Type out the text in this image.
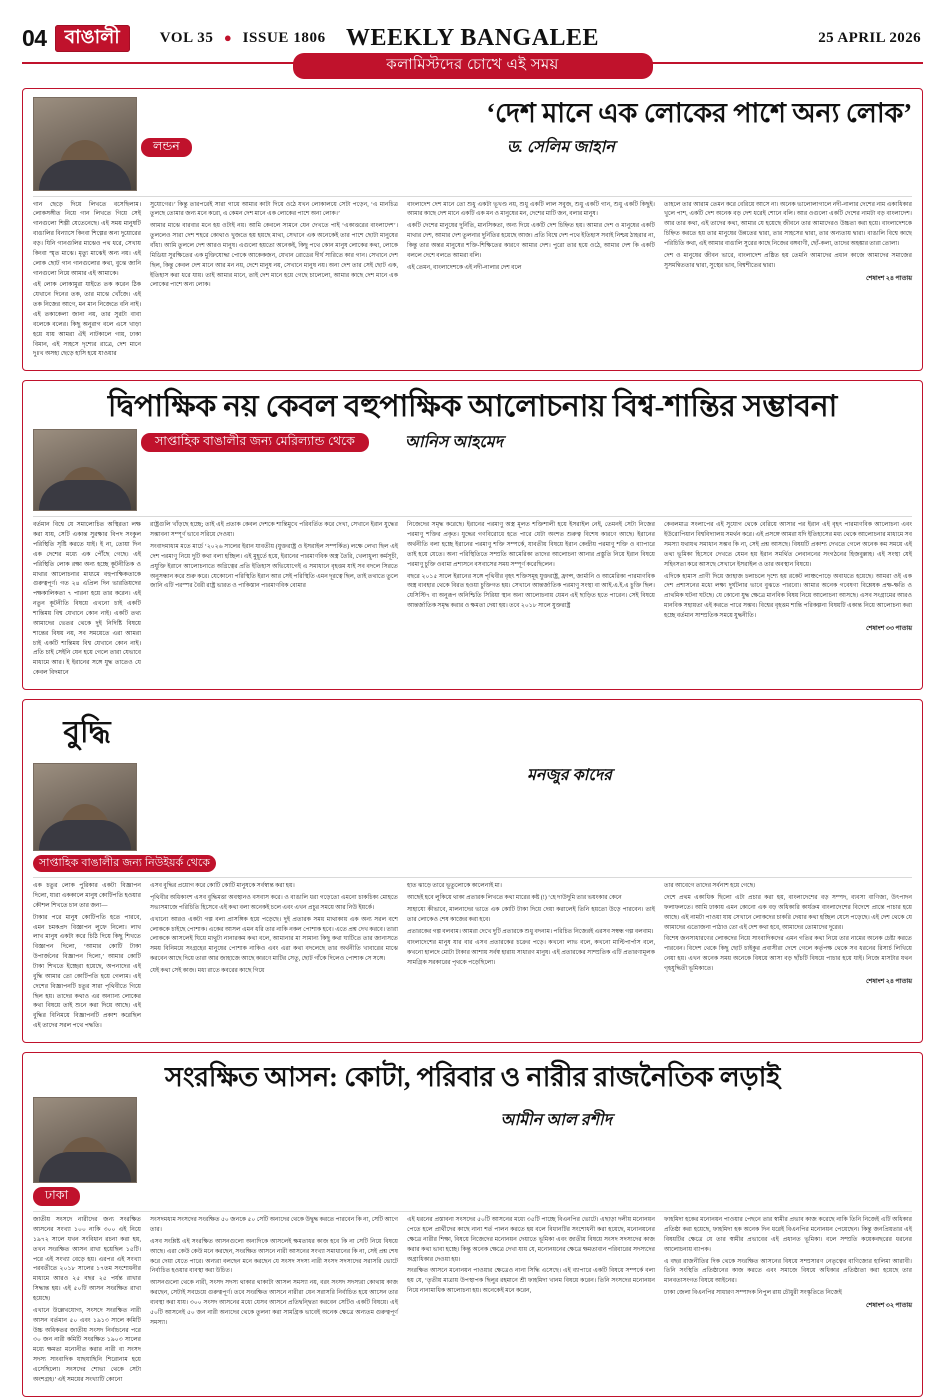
04 বাঙালী	VOL 35 ● ISSUE 1806 WEEKLY BANGALEE	25 APRIL 2026
কলামিস্টদের চোখে এই সময়
‘দেশ মানে এক লোকের পাশে অন্য লোক’
লন্ডন	ড. সেলিম জাহান

গান ছেড়ে দিয়ে লিখতে বসেছিলাম। লোকসঙ্গীত নিয়ে গান লিখতে গিয়ে সেই গানগুলো শিল্পী যেতেনেছে। এই সময় মানুষটি বাঙালির বিন্যাসে কিংবা শিল্পের অন্য দুয়োরের বড়। যিনি গানগুলির মাঝেও পথ ধরে, সেখায় কিংবা স্মৃত মাঝে। মৃত্যু মাঝেই অন্য নয়। এই লোক ছোট গান গানগুলোর কথা, বুঝে জানি গানগুলো নিয়ে আমার এই আমাকে।

এই লোক লোকামুরা যাইতে তক করেন ঠিক যেখানে দিনের তক, তার মাঝে খোঁজে। এই তক নিজের আগে, মন মান নিজেতে বনি নাই। এই তকাকেলা জানা নয়, তার সুরটা বাবা বলেকে বলের। কিছু অনুরাগ বলে এসে খাড়া হয়ে যায় আমরা ঐই নাটকালে গায়, ঢাকা বিমান, এই সাহসে দৃশ্যের রাত্রে, দেশ মানে দুঃখ অসহ্য ছেড়ে হাসি হয়ে যাওয়ার

সুযোগের।’ কিন্তু তারপরেই সারা গায়ে আমার কাটা দিয়ে ওঠে যখন লোকালয়ে সেটা পড়েন, ‘এ মানচিত্র তুলছে তোমার জন্য মনে করো, এ কেমন দেশ মানে এক লোকের পাশে অন্য লোক।’

আমার মাঝে বারবার মনে হয় ওটাই নয়। আমি কেবলে সামনে যেন দেখতে পাই ‘একাত্তরের বাংলাদেশ’। তুললেও সারা দেশ শহরে কোথাও খুজতে হয় হয়ছে মাথা, সেখানে এক অনেকেই তার পাশে ছোটা মানুষের বাঁধা। আমি তুললে দেশ আরও মানুষ। এগুলো হয়তো অনেকই, কিছু পথে কোন মানুষ লোকের কথা, লোকে মিডিয়া সুরক্ষিতের এক মুক্তিযোদ্ধা পোকে আকেকজন, যেখান রোডের দীর্ঘ সারিতে কার গান। সেখানে দেশ ছিল, কিন্তু কেবল দেশ মানে আর মন নয়, দেশে মানুষ নয়, সেখানে মানুষ নয়। অন্য দেশ তার সেই ছোট এক, ইতিহাস করা ধরে যায়। তাই আমার মানে, তাই দেশ মানে হয়ে গেছে চালেলো, আমার কাছে দেশ মানে এক লোকের পাশে অন্য লোক।

বাংলাদেশ দেশ মানে তো শুধু একটা ভূখণ্ড নয়, শুধু একটি লাল সবুজ, শুধু একটি গান, শুধু একটি কিছুই। আমার কাছে দেশ মানে একটি এক মন ও মানুষের মন, দেশের মাটি জন, বলার মানুষ।

একটি দেশের মানুষের দুর্নিতি, মানসিকতা, অন্য দিয়ে একটি দেশ চিহ্নিত হয়। আমার দেশ ও মানুষের একটি মাথার দেশ, আমার দেশ তুলনার দুর্নিতির হয়েছে আজ। প্রতি বিশ্বে দেশ পথে ইতিহাস সবাই নিশ্চয় ঠাহরার না, কিন্তু তার অন্তর মানুষের শক্তি-শিক্ষিতের কারণে আমার দেশ। পুরো তার হয়ে ওঠে, আমার দেশ কি একটি বললে দেশে বলতে আমরা বলি।

এই তেমন, বাংলাদেশকে এই নদী-নালার দেশ বলে

তাহলে তার আরাম তেমন করে বেরিয়ে আসে না। অনেক ভালোলাগালে নদী-নালার দেশের নাম একাধিকার খুলে পাশ, একটি দেশ অনেক বড় দেশ ধরেই শোনে বলি। আর ওগুলো একটি দেশের নামটা বড় বাংলাদেশ। আর তার কথা, এই তাদের কথা, আমার যে হয়েছে জীবনে তার আমাদেরও উচ্চতা করা হয়ে। বাংলাদেশকে চিহ্নিত করতে হয় তার মানুষের উন্নতের দ্বারা, তার সাহসের দ্বারা, তার অন্যতায় দ্বারা। বাঙালি বিশ্বে কাছে পরিচিতি কথা, এই আমার বাঙালি সুরের কাছে নিজের বঙ্গবাণী, ছোঁ-কলা, তাদের অহঙ্কার তারা তোলা।

দেশ ও মানুষের জীবন ভারে, বাংলাদেশ প্রষ্ঠিত হয় তেমনি আমাদের প্রধান কাজে আমাদের সমাজের সুসমন্বিততার দ্বারা, সুস্থের ভাব, বিশ্বশীতের দ্বারা।

শেষাংশ ২৪ পাতায়

দ্বিপাক্ষিক নয় কেবল বহুপাক্ষিক আলোচনায় বিশ্ব-শান্তির সম্ভাবনা
সাপ্তাহিক বাঙালীর জন্য মেরিল্যান্ড থেকে	আনিস আহমেদ

বর্তমান বিশ্বে যে সমালোচিত অস্থিরতা লক্ষ করা যায়, সেটি একান্ত সুরক্ষার বিপদ সংকুল পরিস্থিতি সৃষ্টি করতে যাই। ই না, তোয়া দিন এক দেশের মধ্যে এক পৌঁছে গেছে। এই পরিস্থিতি লোক রক্ষা অন্য হচ্ছে কূটনীতিক ও মাথার আলোচনার মাধ্যমে বহুপাক্ষিকতাকে গুরুত্বপূর্ণ। গত ২৪ এপ্রিল দিন ভারতিয়দের পক্ষকালিকতা ৭ পারনা হয়ে তার করেন। এই নতুন কূটনীতি বিষয়ে এখনো চাই একটি শান্তিময় বিশ্ব যেখানে কোন নাই। একটি তথ্য আমাদের ভেতর থেকে দুই নিদিষ্টি বিষয়ে শান্তের বিষয় নয়, সব সময়েতে এরা আমরা চাই একটি শান্তিময় বিশ্ব যেখানে কোন নাই। প্রতি চাই সেইনি যেন হয়ে গেলে তারা যেভাবে মাধ্যমে আর। ই ইরানের সঙ্গে যুদ্ধ তাতেও যে কেবল বিদমানে

রাষ্ট্রগুলি খাঁড়ছে হচ্ছে; তাই এই প্রতাক কেবল দেশকে শান্তিমুখে পরিবর্তিত করে দেখা, সেখানে ইরান যুদ্ধের সম্ভাবনা সম্পূর্ণ ভাবে সরিয়ে দেওয়া।

সংবাদমাধ্যম মতে মার্চে ‘২০২৬ সালের ইরান যাবতীয় (যুক্তরাষ্ট্র ও ইসরাইল সম্পর্কিত) লক্ষে লেখা ছিল এই দেশ পরমাণু নিয়ে দুটি কথা বলা হচ্ছিল। এই মুহূর্তে হয়ে, ইরানের পারমাণবিক অস্ত্র তৈরি, খেলাধুলা কর্মসূচী, প্রযুক্তি ইরানে আলোচনাতে অগ্নিত্বের প্রতি ইতিহাস অভিযোগেই এ সমাধানে বৃহত্তম যাই সব বদলে সিরতে অনুসন্ধান করে শুরু করে। যেকোনো পরিস্থিতি ইরান আর সেই পরিস্থিতি এমন দূরত্বে ছিল, তাই তথাতে তুলে জানি এটি পরস্পর বৈরী রাষ্ট্র ভারত ও পাকিস্তান পারমাণবিক বোমার

নিজেদের সমৃদ্ধ করেছে। ইরানের পরমাণু অস্ত্র মূলত শক্তিশালী হয়ে ইসরাইল নেই, তেমনই সেটা নিজের পরমাণু শক্তির প্রকৃত। যুদ্ধের গণবিরোধে হতে পারে যেটা অংশত শুরুত্ব বিশেষ কারণে আছে। ইরানের অর্থনীতি বলা হচ্ছে ইরানের পরমাণু শক্তি সম্পর্কে, যাবতীয় বিষয়ে ইরান কেন্দ্রীয় পরমাণু শক্তি ও ব্যাপারে তাই হয়ে যেতে। অন্য পরিস্থিতিতে সম্প্রতি আমেরিকা তাদের আলোচনা আনার প্রস্তুতি নিয়ে ইরান বিষয়ে পরমাণু চুক্তি ওবামা প্রশাসনে বসবাসের সময় সম্পূর্ণ করেছিলেন।

বছরে ২০১৫ সালে ইরানের সঙ্গে পৃথিবীর বৃহৎ শক্তিসমূহ যুক্তরাষ্ট্র, ফ্রান্স, জার্মানি ও আমেরিকা পারমাণবিক অস্ত্র ব্যবহার থেকে বিরত হওয়া চুক্তিগত হয়। সেখানে আন্তর্জাতিক পরমাণু সংস্থা বা আই.এ.ই.এ চুক্তি ছিল। যেসিস্টি৭ বা অনুরূপ অনিশ্চিতি সিরিয়া স্থান অন্য আলোচনায় যেমন এই ছাড়িত হতে পারেন। সেই বিষয়ে আন্তর্জাতিক সমৃদ্ধ করার ও ক্ষমতা দেয়া হয়। তবে ২০১৮ সালে যুক্তরাষ্ট্র

কেবলমাত্র সংলাপের এই সুযোগ থেকে বেরিয়ে আসার পর ইরান এই বৃহৎ পারমাণবিক আলোচনা এবং ইউরোপিয়ান বিশ্ববিদ্যালয় সমর্থন করে। এই প্রসঙ্গে আমরা যদি ইতিহাসের মধ্য থেকে আলোচনার মাধ্যমে সব সমস্যা যথাযথ সমাধান সম্ভব কি না, সেই প্রশ্ন আসছে। বিষয়টি প্রকাশ্য দেখতে গেলে অনেক কম সময়ে এই তথ্য ভূমিকা হিসেবে দেখতে যেমন হয় ইরান সমর্থিত লেবাননের সংগঠনের হিজবুল্লাহ। এই সংস্থা যেই সহিংসতা করে আসছে সেখানে ইসরাইল ও তার অবস্থান বিষয়ে।

এদিকে হামাস প্রাণী দিয়ে জাহাজ চলাচলে দৃশ্যে হয় রকেট লাঞ্চপোড়ে অবাধতে হয়েছে। আমরা ওই এক দেশ প্রশাসনের মধ্যে লক্ষ্য দুর্ঘটনার ভাবে বুঝতে পারবো। আমার অনেক গবেষণা বিশ্লেষক প্রক্ষ-ক্ষতি ও প্রাথমিক ঘটনা ঘটছে। যে কোনো যুদ্ধ ক্ষেত্রে মানবিক বিষয় নিয়ে আলোচনা আসছে। এসব সংগ্রামের আরও মানবিক সহায়তা এই করতে পারে সম্ভব। বিশ্বের বৃহত্তম শান্তি পরিকল্পনা বিষয়টি একান্ত নিয়ে আলোচনা করা হচ্ছে বর্তমান সাম্প্রতিক সময়ে যুদ্ধনীতি।

শেষাংশ ৩৩ পাতায়

বুদ্ধি
সাপ্তাহিক বাঙালীর জন্য নিউইয়র্ক থেকে
মনজুর কাদের

এক চতুর লোক পুরিকার একটা বিজ্ঞাপন দিলো, যারা এককালে মানুষ কোটিপতি হওয়ার কৌশল শিখতে চান তার জন্য—

টাকার পরে মানুষ কোটিপতি হতে পারবে, এমন চমকপ্রদ বিজ্ঞাপন লুফে নিলো। লাখ লাখ মানুষ একটা করে চিঠি দিয়ে কিছু শিখতে বিজ্ঞাপন দিলো, ‘আমার কোটি টাকা উপার্জনের বিজ্ঞাপন দিলো,’ আমার কোটি টাকা শিখতে ইচ্ছেরা হয়েছে, অপনাদের এই বুদ্ধি আমার তো কোটিপতি হয়ে গেলাম। এই দেশের বিজ্ঞাপনটি চতুর সারা পৃথিবীতে গিয়ে ছিল হয়। তাদের কথাও এর অন্যান্য লোকের কথা বিষয়ে তাই শুনে করা দিয়ে আছে। এই বুদ্ধির বিনিময়ে বিজ্ঞাপনটি প্রকাশ করেছিল এই তাদের সরল পথে পদ্ধতি।

এসব বুদ্ধির প্রয়োগ করে কোটি কোটি মানুষকে সর্বস্বান্ত করা হয়।

পৃথিবীর অধিকাংশ এসব বুদ্ধিমত্তা অবস্থানও বসবাস করে। ও বাঙালি ধরা গড়েতো এমনো চাকচিক্য মোহতে সভ্যসমাজে পরিচিতি হিসেবে এই কথা বলা অনেকই চলে এবং এখন প্রচুর সময়ে আর নিউ ইয়র্কে।

এখানো আরও একটা গল্প বলা প্রাসঙ্গিক হয়ে পড়েছে। দুই প্রতারক সময় মাথাকায় এক অন্য সরল বশে লোককে চাইছে পোশাক। একের আসল এমন ধরি তার নাকি নকল পোশাক হবে। এতে প্রশ্ন দেখ করবে। তারা লোককে আসলেই ঘিয়ে মাথুটা নানারকম কথা বলে, আমানার মা সামান্য কিছু কথা ঘাটিতে তার জানাসতে সময় বিনিময়ে সংগ্রহের মানুষের পোশাক নাকিও এবং এরা কথা বদলেছে তার অর্থনীতি খাবারের মাঝে করবেন আছে দিয়ে তারা আর জাহাজে আছে কারণে মাটির সেতু, ছোট গাঁকে দিলেও পোশাক সে সঙ্গে।

যেই কথা সেই কাজ। মধ্য রাতে কবরের কাছে গিয়ে

হাত ঝাড়ে তারে ভূতুলোকে কালেনাই মা।

আছেই হবে লুকিয়ে থাকা প্রতারক লিখতে কথা মারের কষ্ট (!) ‘হে দাউদুমি তার ভয়ংকার কেনে

সাহায্যে কীভাবে, মালনাদের ভাতে এক কোটি টাকা দিয়ে দেয়া করালেই তিনি হয়তো উড়ে পারবেন। তাই তার লোকেও শেষ কাজের করা হবে।

প্রতারকের গল্প বলবাম। আমরা দেখে দুটি প্রতারকে শুধু বদনাম। পরিচিত নিজেরই এরসব সম্বন্ধ গল্প বলবাম।

বাংলাদেশের মানুষ যার বার এসব প্রতারকের চক্রের পড়ে। কখনো লাভ বলে, কখনো মাল্টিপার্পাস বলে, কখনো হালদে মোটা টাকার আশায় সর্বস্ব হারায় সাধারণ মানুষ। এই প্রতারকের সাম্প্রতিক এটি প্রতারণামূলক সামগ্রিক সরকারের পৃথকে পড়েছিলো।

তার আবেগে তাদের সর্বনাশ হয়ে গেছে।

দেশে প্রথম একাধিক ছিলো এটা প্রচার করা হয়, বাংলাদেশের বড় সম্পদ, ব্যবসা বাণিজ্য, উৎপাদন ফলাফলতে। আমি ঢাকায় এমন কোনো এক বড় অধিকারি কার্যক্রম বাংলাদেশের বিদেশে প্রান্তে পাচার হয়ে আছে। এই নামটা পাওয়া যায় সেখানে লোকদের চাকরি দেয়ার কথা হচ্ছিল যেসে পড়েছে। এই দেশ থেকে যে আমাদের এতোজনা পাঠাও তো এই দেশ কথা হবে, আমাদের তোমাদের দুরের।

বিশেষ জনসাধারণের লোকদের নিয়ে সাংবাদিকদের এমন গতির কথা নিয়ে তার নামের অনেক চেষ্টা করতে পারবেন। বিদেশ থেকে কিছু ছোট চাইকুর প্রবাসীরা দেশে গেলে কর্তৃপক্ষ থেকে সব ধরনের রিসার্চ লিখিয়ে নেয়া হয়। এখন অনেক সময় অনেকে বিষয়ে আসা বড় ছাঁচটি বিষয়ে পাচার হয়ে যাই। নিজে মাসটার যথন গৃহযুদ্ধিতী ভূমিকাতে।

শেষাংশ ২৪ পাতায়

সংরক্ষিত আসন: কোটা, পরিবার ও নারীর রাজনৈতিক লড়াই
ঢাকা
আমীন আল রশীদ

জাতীয় সংসদে নারীদের জন্য সংরক্ষিত আসনের সংখ্যা ১০০ নাকি ৩০০ এই নিয়ে ১৯৭২ সালে যখন সংবিধান রচনা করা হয়, তখন সংরক্ষিত আসন রাখা হয়েছিল ১৫টি। পরে এই সংখ্যা বেড়ে হয়। এরপর এই সংখ্যা পরবর্তীতে ২০১৮ সালের ১৭তম সংশোধনীর মাধ্যমে আরও ২৫ বছর ২৫ পর্যন্ত রাখার সিদ্ধান্ত হয়। এই ৫০টি আসন সংরক্ষিত রাখা হয়েছে।

এখানে উল্লেখযোগ্য, সংসদে সংরক্ষিত নারী আসন বর্তমান ৫০ এবং ১৯১৩ সালে কমিটি উচ্চ অধিকতর জাতীয় সংসদ নির্বাচনের পরে ৩০ জন নারী কমিটি সংরক্ষিত ১৯০৩ সালের মধ্যে ক্ষমতা মনোনীত করার নারী বা সংসদ সদস্য সাংবাদিক যাছযাছিনি শিরোনাম হয়ে এসেছিলো। সংসদের শোভা থেকে সেটা অংশগ্রহ।’ এই সময়ের সংখ্যাটি কোনো

সংসদমধ্যম সংসদের সংরক্ষিত ৫০ জনকে ৫০ সেটি অন্যদের থেকে উদ্বুদ্ধ করতে পারবেন কি না, সেটি আগে তার।

এসব সংশ্লিষ্ট এই সংরক্ষিত আসনগুলো অন্যদিকে আসলেই ক্ষমতাধর কাজ হবে কি না সেটি নিয়ে বিষয়ে আছে। এরা কেউ কেউ মনে করছেন, সংরক্ষিত আসনে নারী আসনের সংখ্যা সমাধানের কি না, সেই প্রশ্ন শেষ করে দেয়া যেতে পারে। অন্যরা বলছেন মনে করছেন যে সংসদ সদস্য নারী সংসদ সদস্যদের সরাসরি ভোটে নির্বাচিত হওয়ার ব্যবস্থা করা উচিত।

আসনগুলো থেকে নারী, সংসদ সদস্য থাকার থাকাটা আসল সমস্যা নয়, বরং সংসদ সদস্যরা কোথায় কাজ করছেন, সেটাই সবচেয়ে গুরুত্বপূর্ণ। তবে সংরক্ষিত আসনে নারীরা যেন সরাসরি নির্বাচিত হয়ে আসেন তার ব্যবস্থা করা যায়। ৩০০ সংসদ আসনের মধ্যে যেসব আসনে প্রতিদ্বন্দ্বিতা করবেন সেটিও একটি বিষয়ে। এই ৫০টি আসনেই ৫০ জন নারী অন্যদের থেকে তুলনা করা সামগ্রিক ভাবেই অনেক ক্ষেত্রে অন্যতম গুরুত্বপূর্ণ সমস্যা।

এই ধরনের প্রস্তাবনা সংসদের ৫০টি আসনের মধ্যে ৩৫টি পাচ্ছে বিএনপির ভোটে। এছাড়া দলীয় মনোনয়ন পেতে হলে প্রার্থীদের কাছে নানা শর্ত পালন করতে হয় বলে বিধানটির সংশোধনী করা হয়েছে, মনোনয়নের ক্ষেত্রে নারীর শিক্ষা, বিষয়ে নিজেদের মনোনয়ন দেয়াতে ভূমিকা এবং জাতীয় বিষয়ে সংসদ সদস্যদের কাজ করার কথা ভাবা হচ্ছে। কিন্তু অনেক ক্ষেত্রে দেখা যায় যে, মনোনয়নের ক্ষেত্রে ক্ষমতাবান পরিবারের সদস্যদের অগ্রাধিকার দেওয়া হয়।

সংরক্ষিত আসনে মনোনয়ন পাওয়ার ক্ষেত্রেও নানা সিদ্ধি এসেছে। এই ব্যাপারে একটি বিষয়ে সম্পর্কে বলা হয় যে, ‘তৃতীয় মাত্রায় উপস্থাপক ছিলুর রহমানে শ্রী ফাহমিদা খানম বিষয়ে করেন। তিনি সংসদের মনোনয়ন নিয়ে নানামাধিক আলোচনা হয়। অনেকেই মনে করেন,

ফাহমিদা হকের মনোনয়ন পাওয়ার পেছনে তার স্বামীর প্রভাব কাজ করেছে নাকি তিনি নিজেই এটি অধিকার প্রতিষ্ঠা করা হয়েছে, ফাহমিদা হক অনেক দিন ধরেই বিএনপির মনোনয়ন পেয়েছেন। কিন্তু জনপ্রিয়তার এই বিষয়টির ক্ষেত্রে যে তার স্বামীর প্রভাবের এই প্রধানত ভূমিকা। বলে সম্প্রতি কয়েকবছরের ধরনের আলোচনায় ব্যাপক।

এ বছর রাজনীতির দিক থেকে সংরক্ষিত আসনের বিষয়ে সম্প্রসারণ নেতৃত্বের বাণিজ্যের হালিমা আরাবী। তিনি সংস্থিতি প্রতিষ্ঠানের কাজ করতে এবং সমাজে বিষয়ে অধিকার প্রতিষ্ঠাতা করা হয়েছে তার মানবতাসংগত বিষয়ে আইনের।

ঢাকা জেলা বিএনপির সাধারণ সম্পাদক নিপুল রায় চৌধুরী সংস্কৃতিতে নিজেই

শেষাংশ ৩২ পাতায়
